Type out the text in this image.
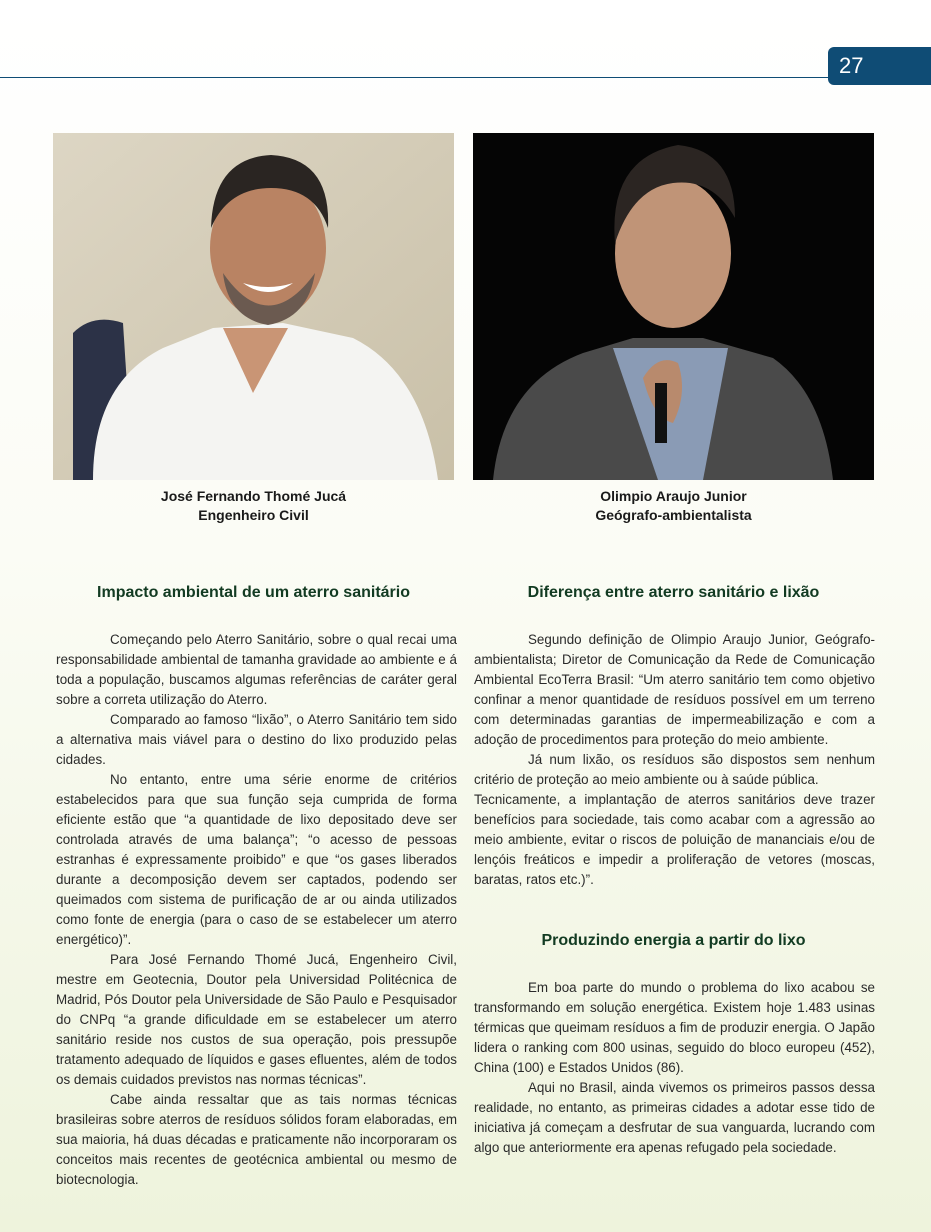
27
José Fernando Thomé Jucá
Engenheiro Civil
Olimpio Araujo Junior
Geógrafo-ambientalista
Impacto ambiental de um aterro sanitário

Começando pelo Aterro Sanitário, sobre o qual recai uma responsabilidade ambiental de tamanha gravidade ao ambiente e á toda a população, buscamos algumas referências de caráter geral sobre a correta utilização do Aterro.

Comparado ao famoso “lixão”, o Aterro Sanitário tem sido a alternativa mais viável para o destino do lixo produzido pelas cidades.

No entanto, entre uma série enorme de critérios estabelecidos para que sua função seja cumprida de forma eficiente estão que “a quantidade de lixo depositado deve ser controlada através de uma balança”; “o acesso de pessoas estranhas é expressamente proibido” e que “os gases liberados durante a decomposição devem ser captados, podendo ser queimados com sistema de purificação de ar ou ainda utilizados como fonte de energia (para o caso de se estabelecer um aterro energético)”.

Para José Fernando Thomé Jucá, Engenheiro Civil, mestre em Geotecnia, Doutor pela Universidad Politécnica de Madrid, Pós Doutor pela Universidade de São Paulo e Pesquisador do CNPq “a grande dificuldade em se estabelecer um aterro sanitário reside nos custos de sua operação, pois pressupõe tratamento adequado de líquidos e gases efluentes, além de todos os demais cuidados previstos nas normas técnicas”.

Cabe ainda ressaltar que as tais normas técnicas brasileiras sobre aterros de resíduos sólidos foram elaboradas, em sua maioria, há duas décadas e praticamente não incorporaram os conceitos mais recentes de geotécnica ambiental ou mesmo de biotecnologia.

Diferença entre aterro sanitário e lixão

Segundo definição de Olimpio Araujo Junior, Geógrafo-ambientalista; Diretor de Comunicação da Rede de Comunicação Ambiental EcoTerra Brasil: “Um aterro sanitário tem como objetivo confinar a menor quantidade de resíduos possível em um terreno com determinadas garantias de impermeabilização e com a adoção de procedimentos para proteção do meio ambiente.

Já num lixão, os resíduos são dispostos sem nenhum critério de proteção ao meio ambiente ou à saúde pública.

Tecnicamente, a implantação de aterros sanitários deve trazer benefícios para sociedade, tais como acabar com a agressão ao meio ambiente, evitar o riscos de poluição de mananciais e/ou de lençóis freáticos e impedir a proliferação de vetores (moscas, baratas, ratos etc.)”.

Produzindo energia a partir do lixo

Em boa parte do mundo o problema do lixo acabou se transformando em solução energética. Existem hoje 1.483 usinas térmicas que queimam resíduos a fim de produzir energia. O Japão lidera o ranking com 800 usinas, seguido do bloco europeu (452), China (100) e Estados Unidos (86).

Aqui no Brasil, ainda vivemos os primeiros passos dessa realidade, no entanto, as primeiras cidades a adotar esse tido de iniciativa já começam a desfrutar de sua vanguarda, lucrando com algo que anteriormente era apenas refugado pela sociedade.
